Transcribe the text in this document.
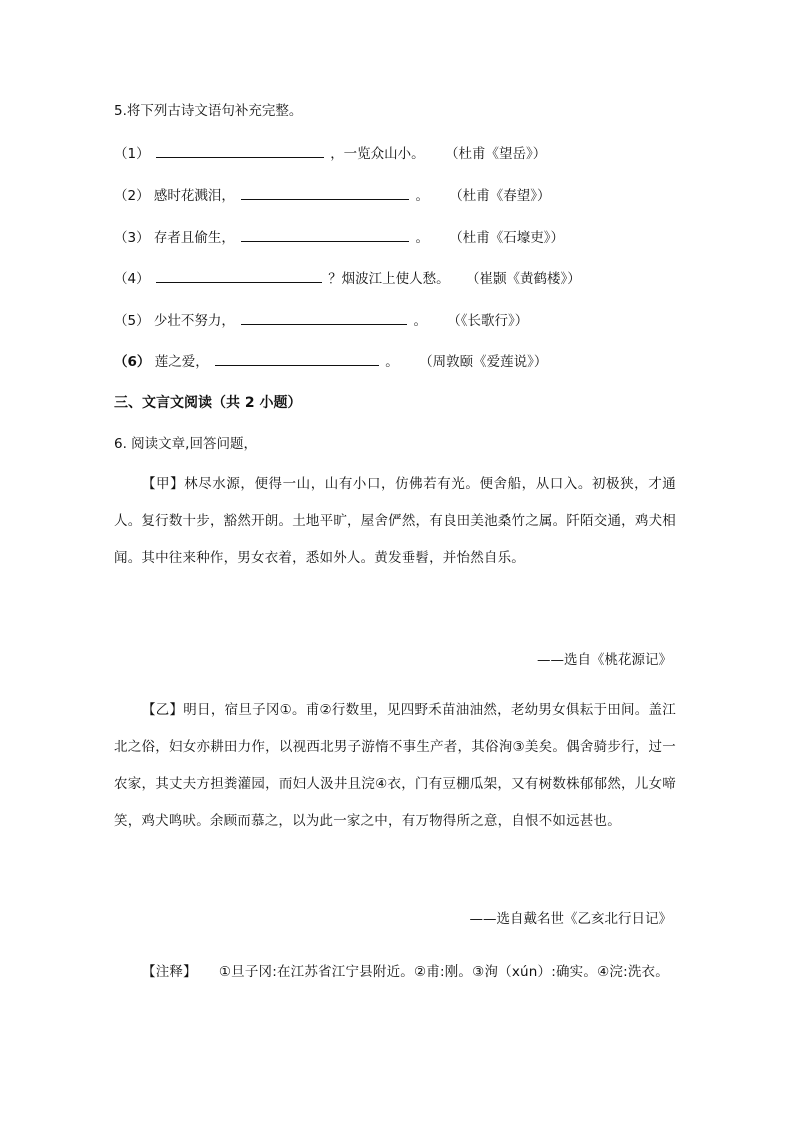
5.将下列古诗文语句补充完整。
（1）	，一览众山小。 （杜甫《望岳》）
（2） 感时花溅泪，	。 （杜甫《春望》）
（3） 存者且偷生，	。 （杜甫《石壕吏》）
（4）	？烟波江上使人愁。 （崔颢《黄鹤楼》）
（5） 少壮不努力，	。 （《长歌行》）
（6） 莲之爱，	。 （周敦颐《爱莲说》）
三、文言文阅读（共 2 小题）
6. 阅读文章,回答问题，
【甲】林尽水源，便得一山，山有小口，仿佛若有光。便舍船，从口入。初极狭，才通人。复行数十步，豁然开朗。土地平旷，屋舍俨然，有良田美池桑竹之属。阡陌交通，鸡犬相闻。其中往来种作，男女衣着，悉如外人。黄发垂髫，并怡然自乐。
——选自《桃花源记》
【乙】明日，宿旦子冈①。甫②行数里，见四野禾苗油油然，老幼男女俱耘于田间。盖江北之俗，妇女亦耕田力作，以视西北男子游惰不事生产者，其俗洵③美矣。偶舍骑步行，过一农家，其丈夫方担粪灌园，而妇人汲井且浣④衣，门有豆棚瓜架，又有树数株郁郁然，儿女啼笑，鸡犬鸣吠。余顾而慕之，以为此一家之中，有万物得所之意，自恨不如远甚也。
——选自戴名世《乙亥北行日记》
【注释】 ①旦子冈:在江苏省江宁县附近。②甫:刚。③洵（xún）:确实。④浣:洗衣。
